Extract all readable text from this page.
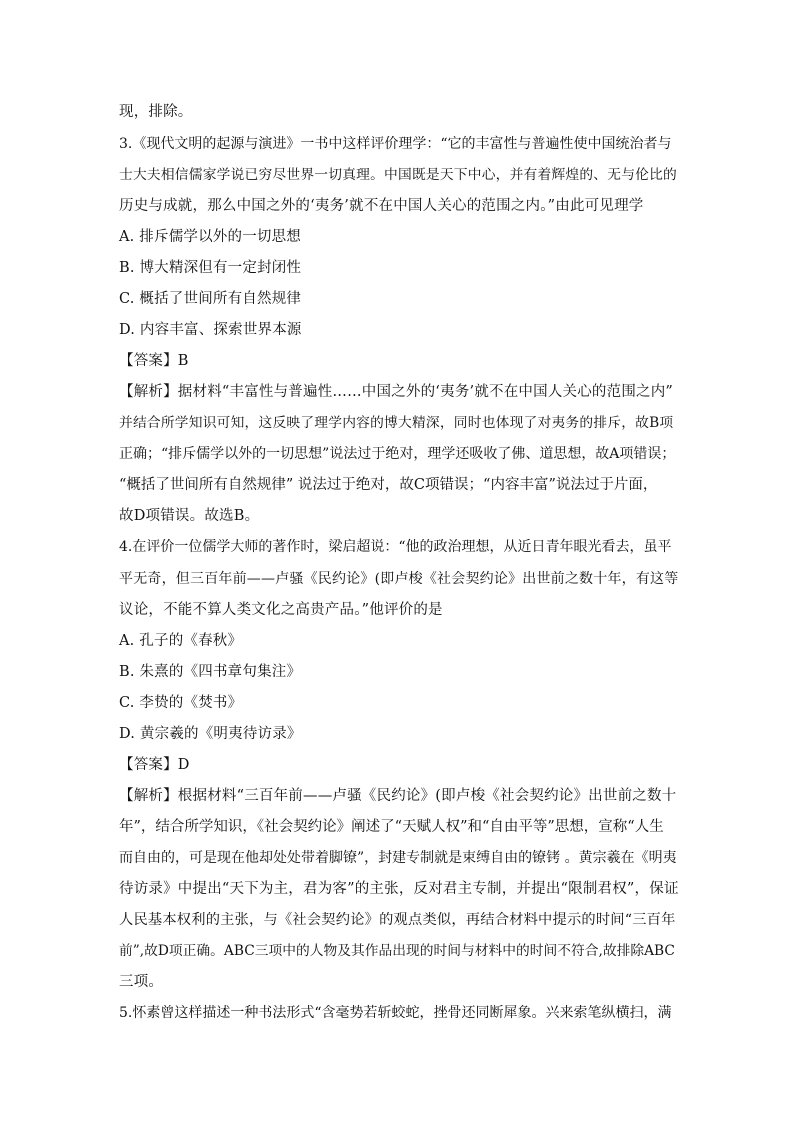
现，排除。
3.《现代文明的起源与演进》一书中这样评价理学：“它的丰富性与普遍性使中国统治者与
士大夫相信儒家学说已穷尽世界一切真理。中国既是天下中心，并有着辉煌的、无与伦比的
历史与成就，那么中国之外的‘夷务’就不在中国人关心的范围之内。”由此可见理学
A. 排斥儒学以外的一切思想
B. 博大精深但有一定封闭性
C. 概括了世间所有自然规律
D. 内容丰富、探索世界本源
【答案】B
【解析】据材料“丰富性与普遍性……中国之外的‘夷务’就不在中国人关心的范围之内”
并结合所学知识可知，这反映了理学内容的博大精深，同时也体现了对夷务的排斥，故B项
正确；“排斥儒学以外的一切思想”说法过于绝对，理学还吸收了佛、道思想，故A项错误；
“概括了世间所有自然规律” 说法过于绝对，故C项错误；“内容丰富”说法过于片面，
故D项错误。故选B。
4.在评价一位儒学大师的著作时，梁启超说：“他的政治理想，从近日青年眼光看去，虽平
平无奇，但三百年前——卢骚《民约论》(即卢梭《社会契约论》出世前之数十年，有这等
议论，不能不算人类文化之高贵产品。”他评价的是
A. 孔子的《春秋》
B. 朱熹的《四书章句集注》
C. 李贽的《焚书》
D. 黄宗羲的《明夷待访录》
【答案】D
【解析】根据材料“三百年前——卢骚《民约论》(即卢梭《社会契约论》出世前之数十
年”，结合所学知识，《社会契约论》阐述了“天赋人权”和“自由平等”思想，宣称“人生
而自由的，可是现在他却处处带着脚镣”，封建专制就是束缚自由的镣铐 。黄宗羲在《明夷
待访录》中提出“天下为主，君为客”的主张，反对君主专制，并提出“限制君权”，保证
人民基本权利的主张，与《社会契约论》的观点类似，再结合材料中提示的时间“三百年
前”,故D项正确。ABC三项中的人物及其作品出现的时间与材料中的时间不符合,故排除ABC
三项。
5.怀素曾这样描述一种书法形式“含毫势若斩蛟蛇，挫骨还同断犀象。兴来索笔纵横扫，满
